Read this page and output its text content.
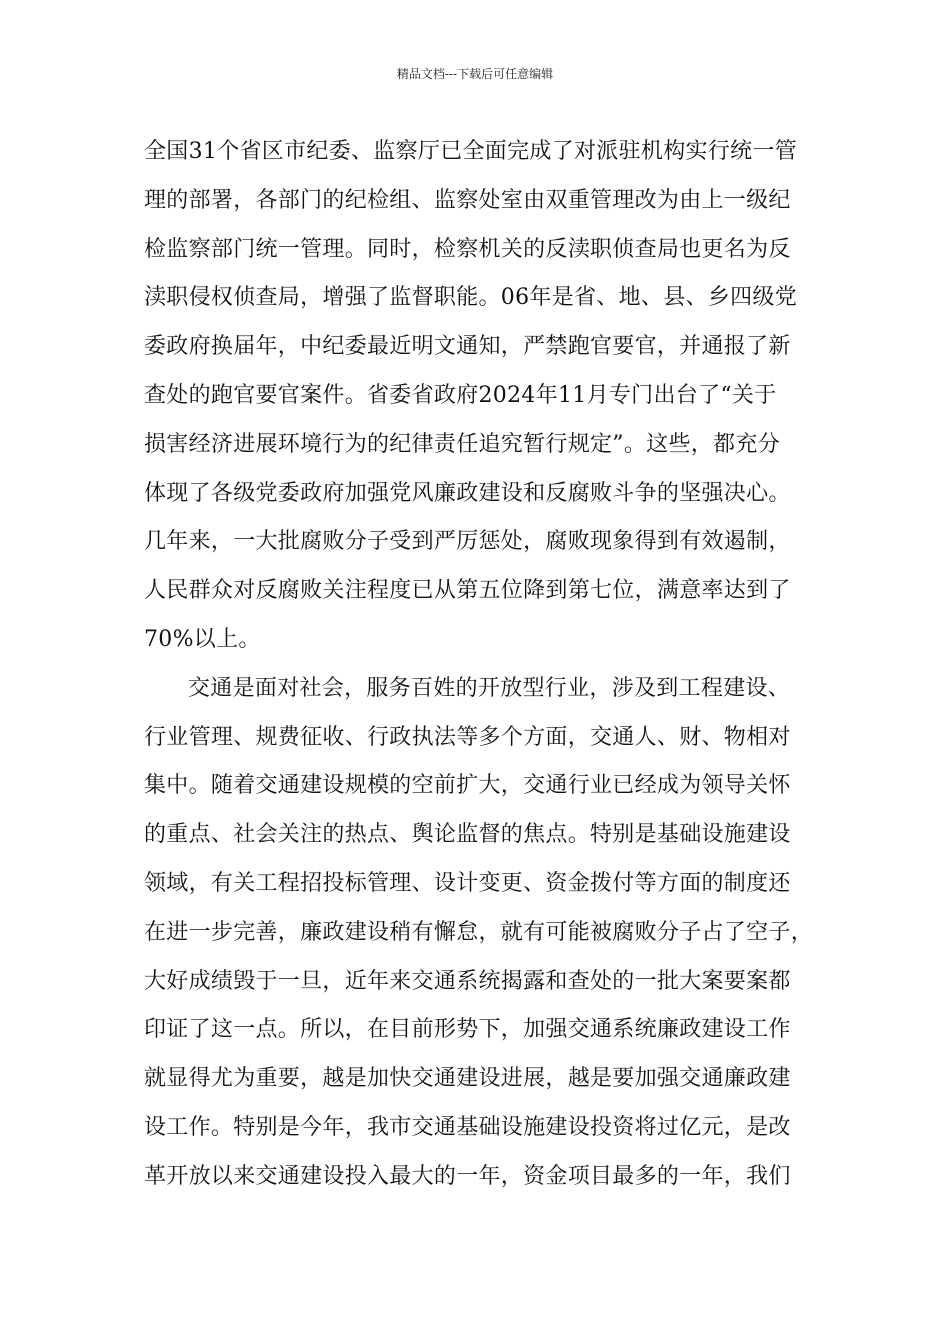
精品文档---下载后可任意编辑
全国31个省区市纪委、监察厅已全面完成了对派驻机构实行统一管
理的部署，各部门的纪检组、监察处室由双重管理改为由上一级纪
检监察部门统一管理。同时，检察机关的反渎职侦查局也更名为反
渎职侵权侦查局，增强了监督职能。06年是省、地、县、乡四级党
委政府换届年，中纪委最近明文通知，严禁跑官要官，并通报了新
查处的跑官要官案件。省委省政府2024年11月专门出台了“关于
损害经济进展环境行为的纪律责任追究暂行规定”。这些，都充分
体现了各级党委政府加强党风廉政建设和反腐败斗争的坚强决心。
几年来，一大批腐败分子受到严厉惩处，腐败现象得到有效遏制，
人民群众对反腐败关注程度已从第五位降到第七位，满意率达到了
70%以上。
交通是面对社会，服务百姓的开放型行业，涉及到工程建设、
行业管理、规费征收、行政执法等多个方面，交通人、财、物相对
集中。随着交通建设规模的空前扩大，交通行业已经成为领导关怀
的重点、社会关注的热点、舆论监督的焦点。特别是基础设施建设
领域，有关工程招投标管理、设计变更、资金拨付等方面的制度还
在进一步完善，廉政建设稍有懈怠，就有可能被腐败分子占了空子，
大好成绩毁于一旦，近年来交通系统揭露和查处的一批大案要案都
印证了这一点。所以，在目前形势下，加强交通系统廉政建设工作
就显得尤为重要，越是加快交通建设进展，越是要加强交通廉政建
设工作。特别是今年，我市交通基础设施建设投资将过亿元，是改
革开放以来交通建设投入最大的一年，资金项目最多的一年，我们
